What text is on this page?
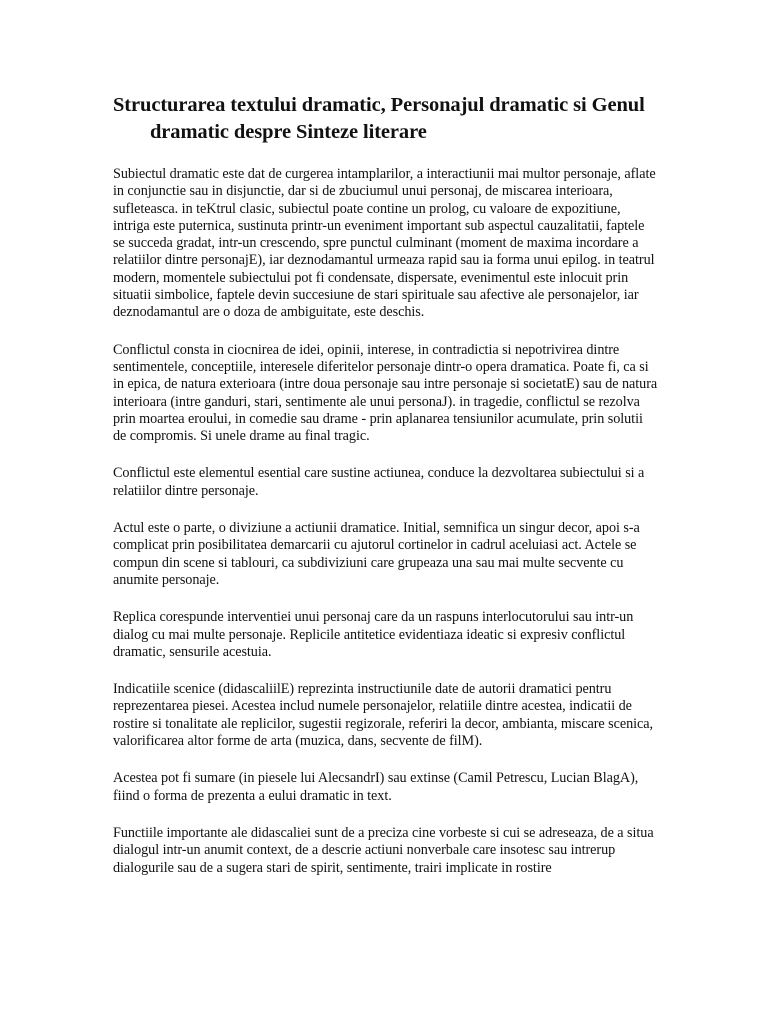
Structurarea textului dramatic, Personajul dramatic si Genul dramatic despre Sinteze literare

Subiectul dramatic este dat de curgerea intamplarilor, a interactiunii mai multor personaje, aflate in conjunctie sau in disjunctie, dar si de zbuciumul unui personaj, de miscarea interioara, sufleteasca. in teKtrul clasic, subiectul poate contine un prolog, cu valoare de expozitiune, intriga este puternica, sustinuta printr-un eveniment important sub aspectul cauzalitatii, faptele se succeda gradat, intr-un crescendo, spre punctul culminant (moment de maxima incordare a relatiilor dintre personajE), iar deznodamantul urmeaza rapid sau ia forma unui epilog. in teatrul modern, momentele subiectului pot fi condensate, dispersate, evenimentul este inlocuit prin situatii simbolice, faptele devin succesiune de stari spirituale sau afective ale personajelor, iar deznodamantul are o doza de ambiguitate, este deschis.

Conflictul consta in ciocnirea de idei, opinii, interese, in contradictia si nepotrivirea dintre sentimentele, conceptiile, interesele diferitelor personaje dintr-o opera dramatica. Poate fi, ca si in epica, de natura exterioara (intre doua personaje sau intre personaje si societatE) sau de natura interioara (intre ganduri, stari, sentimente ale unui personaJ). in tragedie, conflictul se rezolva prin moartea eroului, in comedie sau drame - prin aplanarea tensiunilor acumulate, prin solutii de compromis. Si unele drame au final tragic.

Conflictul este elementul esential care sustine actiunea, conduce la dezvoltarea subiectului si a relatiilor dintre personaje.

Actul este o parte, o diviziune a actiunii dramatice. Initial, semnifica un singur decor, apoi s-a complicat prin posibilitatea demarcarii cu ajutorul cortinelor in cadrul aceluiasi act. Actele se compun din scene si tablouri, ca subdiviziuni care grupeaza una sau mai multe secvente cu anumite personaje.

Replica corespunde interventiei unui personaj care da un raspuns interlocutorului sau intr-un dialog cu mai multe personaje. Replicile antitetice evidentiaza ideatic si expresiv conflictul dramatic, sensurile acestuia.

Indicatiile scenice (didascaliilE) reprezinta instructiunile date de autorii dramatici pentru reprezentarea piesei. Acestea includ numele personajelor, relatiile dintre acestea, indicatii de rostire si tonalitate ale replicilor, sugestii regizorale, referiri la decor, ambianta, miscare scenica, valorificarea altor forme de arta (muzica, dans, secvente de filM).

Acestea pot fi sumare (in piesele lui AlecsandrI) sau extinse (Camil Petrescu, Lucian BlagA), fiind o forma de prezenta a eului dramatic in text.

Functiile importante ale didascaliei sunt de a preciza cine vorbeste si cui se adreseaza, de a situa dialogul intr-un anumit context, de a descrie actiuni nonverbale care insotesc sau intrerup dialogurile sau de a sugera stari de spirit, sentimente, trairi implicate in rostire
